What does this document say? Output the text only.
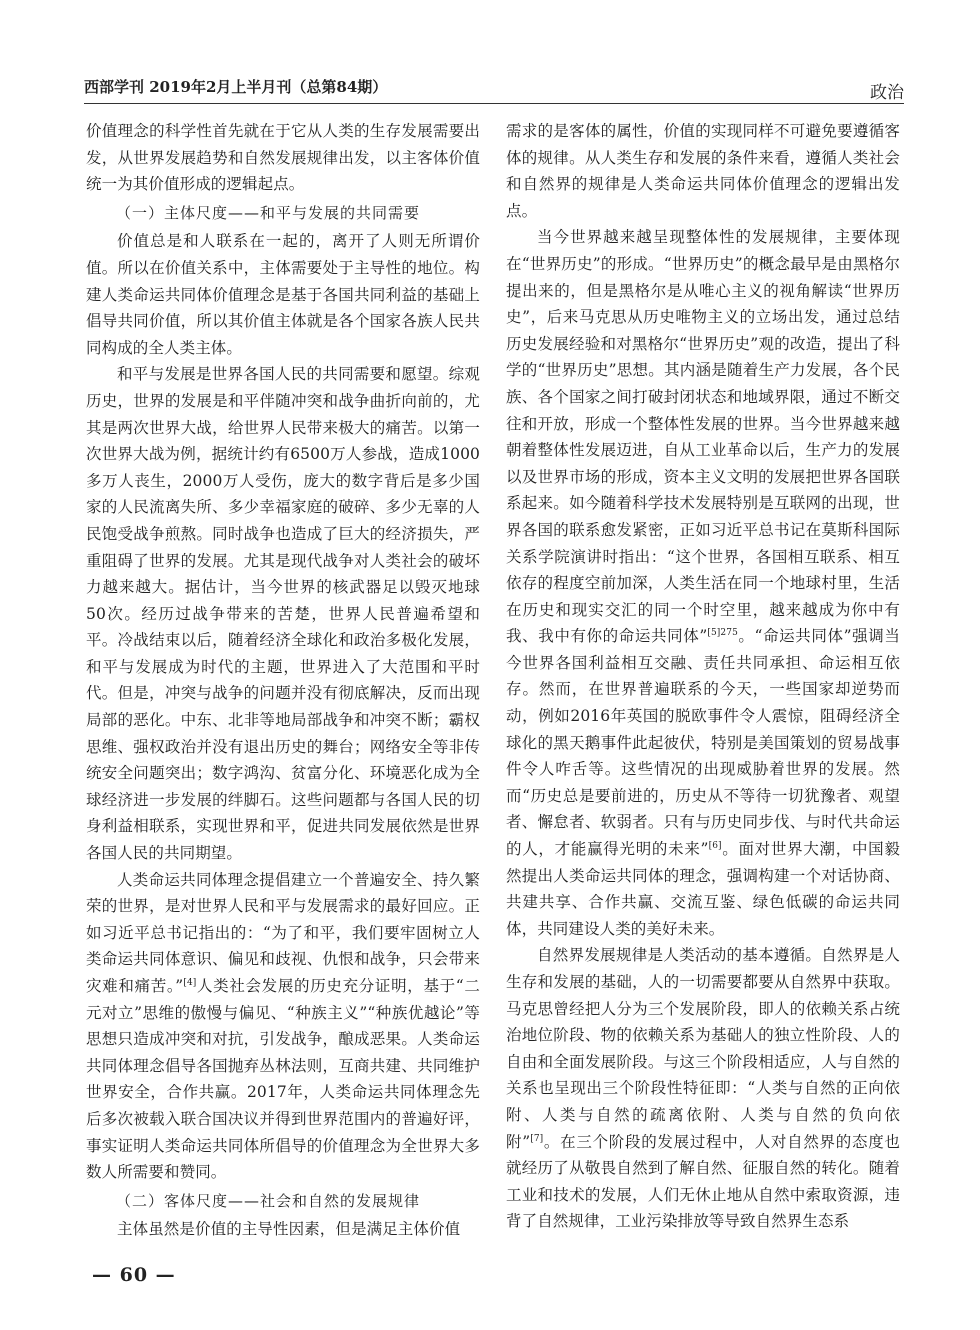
西部学刊 2019年2月上半月刊（总第84期）	政治

价值理念的科学性首先就在于它从人类的生存发展需要出发，从世界发展趋势和自然发展规律出发，以主客体价值统一为其价值形成的逻辑起点。

（一）主体尺度——和平与发展的共同需要

价值总是和人联系在一起的，离开了人则无所谓价值。所以在价值关系中，主体需要处于主导性的地位。构建人类命运共同体价值理念是基于各国共同利益的基础上倡导共同价值，所以其价值主体就是各个国家各族人民共同构成的全人类主体。

和平与发展是世界各国人民的共同需要和愿望。综观历史，世界的发展是和平伴随冲突和战争曲折向前的，尤其是两次世界大战，给世界人民带来极大的痛苦。以第一次世界大战为例，据统计约有6500万人参战，造成1000多万人丧生，2000万人受伤，庞大的数字背后是多少国家的人民流离失所、多少幸福家庭的破碎、多少无辜的人民饱受战争煎熬。同时战争也造成了巨大的经济损失，严重阻碍了世界的发展。尤其是现代战争对人类社会的破坏力越来越大。据估计，当今世界的核武器足以毁灭地球50次。经历过战争带来的苦楚，世界人民普遍希望和平。冷战结束以后，随着经济全球化和政治多极化发展，和平与发展成为时代的主题，世界进入了大范围和平时代。但是，冲突与战争的问题并没有彻底解决，反而出现局部的恶化。中东、北非等地局部战争和冲突不断；霸权思维、强权政治并没有退出历史的舞台；网络安全等非传统安全问题突出；数字鸿沟、贫富分化、环境恶化成为全球经济进一步发展的绊脚石。这些问题都与各国人民的切身利益相联系，实现世界和平，促进共同发展依然是世界各国人民的共同期望。

人类命运共同体理念提倡建立一个普遍安全、持久繁荣的世界，是对世界人民和平与发展需求的最好回应。正如习近平总书记指出的：“为了和平，我们要牢固树立人类命运共同体意识、偏见和歧视、仇恨和战争，只会带来灾难和痛苦。”[4]人类社会发展的历史充分证明，基于“二元对立”思维的傲慢与偏见、“种族主义”“种族优越论”等思想只造成冲突和对抗，引发战争，酿成恶果。人类命运共同体理念倡导各国抛弃丛林法则，互商共建、共同维护世界安全，合作共赢。2017年，人类命运共同体理念先后多次被载入联合国决议并得到世界范围内的普遍好评，事实证明人类命运共同体所倡导的价值理念为全世界大多数人所需要和赞同。

（二）客体尺度——社会和自然的发展规律

主体虽然是价值的主导性因素，但是满足主体价值

需求的是客体的属性，价值的实现同样不可避免要遵循客体的规律。从人类生存和发展的条件来看，遵循人类社会和自然界的规律是人类命运共同体价值理念的逻辑出发点。

当今世界越来越呈现整体性的发展规律，主要体现在“世界历史”的形成。“世界历史”的概念最早是由黑格尔提出来的，但是黑格尔是从唯心主义的视角解读“世界历史”，后来马克思从历史唯物主义的立场出发，通过总结历史发展经验和对黑格尔“世界历史”观的改造，提出了科学的“世界历史”思想。其内涵是随着生产力发展，各个民族、各个国家之间打破封闭状态和地域界限，通过不断交往和开放，形成一个整体性发展的世界。当今世界越来越朝着整体性发展迈进，自从工业革命以后，生产力的发展以及世界市场的形成，资本主义文明的发展把世界各国联系起来。如今随着科学技术发展特别是互联网的出现，世界各国的联系愈发紧密，正如习近平总书记在莫斯科国际关系学院演讲时指出：“这个世界，各国相互联系、相互依存的程度空前加深，人类生活在同一个地球村里，生活在历史和现实交汇的同一个时空里，越来越成为你中有我、我中有你的命运共同体”$^{[5]275}$。“命运共同体”强调当今世界各国利益相互交融、责任共同承担、命运相互依存。然而，在世界普遍联系的今天，一些国家却逆势而动，例如2016年英国的脱欧事件令人震惊，阻碍经济全球化的黑天鹅事件此起彼伏，特别是美国策划的贸易战事件令人咋舌等。这些情况的出现威胁着世界的发展。然而“历史总是要前进的，历史从不等待一切犹豫者、观望者、懈怠者、软弱者。只有与历史同步伐、与时代共命运的人，才能赢得光明的未来”[6]。面对世界大潮，中国毅然提出人类命运共同体的理念，强调构建一个对话协商、共建共享、合作共赢、交流互鉴、绿色低碳的命运共同体，共同建设人类的美好未来。

自然界发展规律是人类活动的基本遵循。自然界是人生存和发展的基础，人的一切需要都要从自然界中获取。马克思曾经把人分为三个发展阶段，即人的依赖关系占统治地位阶段、物的依赖关系为基础人的独立性阶段、人的自由和全面发展阶段。与这三个阶段相适应，人与自然的关系也呈现出三个阶段性特征即：“人类与自然的正向依附、人类与自然的疏离依附、人类与自然的负向依附”[7]。在三个阶段的发展过程中，人对自然界的态度也就经历了从敬畏自然到了解自然、征服自然的转化。随着工业和技术的发展，人们无休止地从自然中索取资源，违背了自然规律，工业污染排放等导致自然界生态系

— 60 —
